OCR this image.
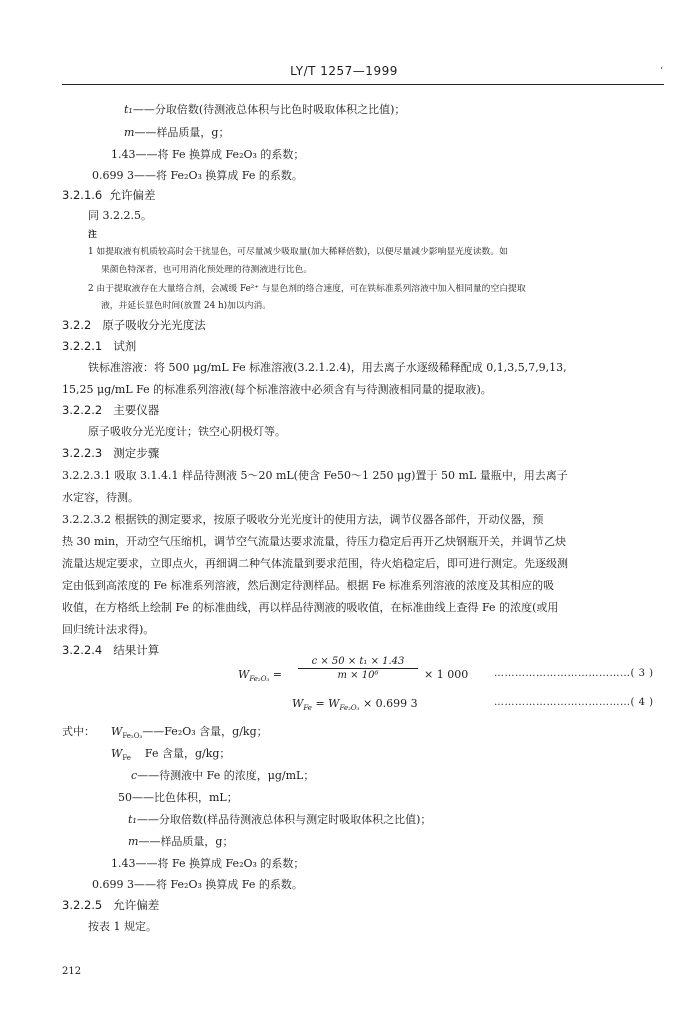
LY/T 1257—1999	‘
t₁——分取倍数(待测液总体积与比色时吸取体积之比值)；
m——样品质量，g；
1.43——将 Fe 换算成 Fe₂O₃ 的系数；
0.699 3——将 Fe₂O₃ 换算成 Fe 的系数。
3.2.1.6 允许偏差
同 3.2.2.5。
注
1 如提取液有机质较高时会干扰显色，可尽量减少吸取量(加大稀释倍数)，以便尽量减少影响显光度读数。如
果颜色特深者，也可用消化预处理的待测液进行比色。
2 由于提取液存在大量络合剂，会减缓 Fe²⁺ 与显色剂的络合速度，可在铁标准系列溶液中加入相同量的空白提取
液，并延长显色时间(放置 24 h)加以内消。
3.2.2 原子吸收分光光度法
3.2.2.1 试剂
铁标准溶液：将 500 μg/mL Fe 标准溶液(3.2.1.2.4)，用去离子水逐级稀释配成 0,1,3,5,7,9,13,
15,25 μg/mL Fe 的标准系列溶液(每个标准溶液中必须含有与待测液相同量的提取液)。
3.2.2.2 主要仪器
原子吸收分光光度计；铁空心阴极灯等。
3.2.2.3 测定步骤
3.2.2.3.1 吸取 3.1.4.1 样品待测液 5～20 mL(使含 Fe50～1 250 μg)置于 50 mL 量瓶中，用去离子
水定容，待测。
3.2.2.3.2 根据铁的测定要求，按原子吸收分光光度计的使用方法，调节仪器各部件，开动仪器，预
热 30 min，开动空气压缩机，调节空气流量达要求流量，待压力稳定后再开乙炔钢瓶开关，并调节乙炔
流量达规定要求，立即点火，再细调二种气体流量到要求范围，待火焰稳定后，即可进行测定。先逐级测
定由低到高浓度的 Fe 标准系列溶液，然后测定待测样品。根据 Fe 标准系列溶液的浓度及其相应的吸
收值，在方格纸上绘制 Fe 的标准曲线，再以样品待测液的吸收值，在标准曲线上查得 Fe 的浓度(或用
回归统计法求得)。
3.2.2.4 结果计算
$W_{Fe_2O_3}$ =
c × 50 × t₁ × 1.43
m × 10⁶	× 1 000	…………………………………( 3 )
$W_{Fe} = W_{Fe_2O_3} \times 0.699$ 3	…………………………………( 4 )
式中： $W_{Fe_2O_3}——Fe_2O_3$ 含量，g/kg；
$W_{Fe}$    Fe 含量，g/kg；
c——待测液中 Fe 的浓度，μg/mL；
50——比色体积，mL；
t₁——分取倍数(样品待测液总体积与测定时吸取体积之比值)；
m——样品质量，g；
1.43——将 Fe 换算成 Fe₂O₃ 的系数；
0.699 3——将 Fe₂O₃ 换算成 Fe 的系数。
3.2.2.5 允许偏差
按表 1 规定。
212
